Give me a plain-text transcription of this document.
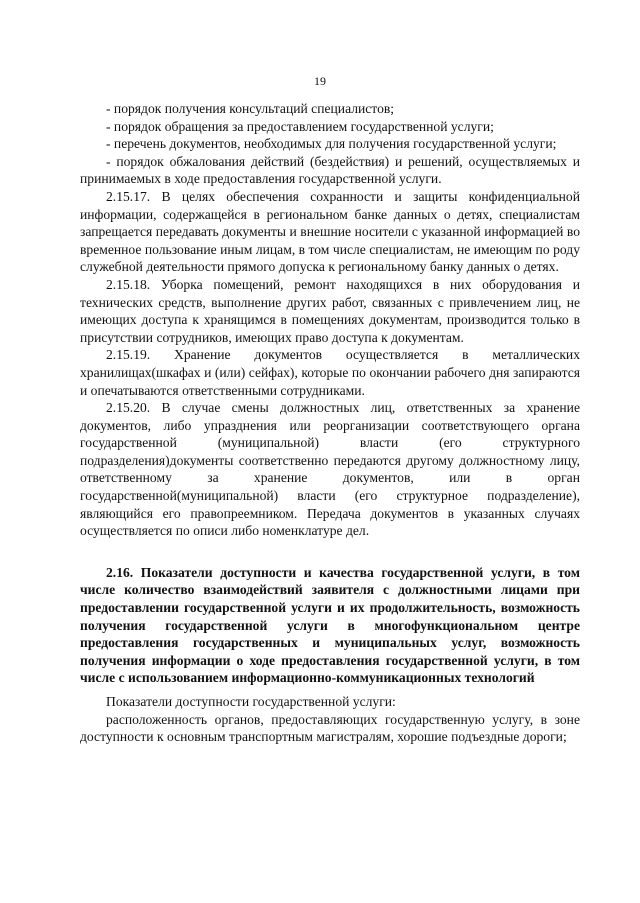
19

- порядок получения консультаций специалистов;

- порядок обращения за предоставлением государственной услуги;

- перечень документов, необходимых для получения государственной услуги;

- порядок обжалования действий (бездействия) и решений, осуществляемых и принимаемых в ходе предоставления государственной услуги.

2.15.17. В целях обеспечения сохранности и защиты конфиденциальной информации, содержащейся в региональном банке данных о детях, специалистам запрещается передавать документы и внешние носители с указанной информацией во временное пользование иным лицам, в том числе специалистам, не имеющим по роду служебной деятельности прямого допуска к региональному банку данных о детях.

2.15.18. Уборка помещений, ремонт находящихся в них оборудования и технических средств, выполнение других работ, связанных с привлечением лиц, не имеющих доступа к хранящимся в помещениях документам, производится только в присутствии сотрудников, имеющих право доступа к документам.

2.15.19. Хранение документов осуществляется в металлических хранилищах(шкафах и (или) сейфах), которые по окончании рабочего дня запираются и опечатываются ответственными сотрудниками.

2.15.20. В случае смены должностных лиц, ответственных за хранение документов, либо упразднения или реорганизации соответствующего органа государственной (муниципальной) власти (его структурного подразделения)документы соответственно передаются другому должностному лицу, ответственному за хранение документов, или в орган государственной(муниципальной) власти (его структурное подразделение), являющийся его правопреемником. Передача документов в указанных случаях осуществляется по описи либо номенклатуре дел.

2.16. Показатели доступности и качества государственной услуги, в том числе количество взаимодействий заявителя с должностными лицами при предоставлении государственной услуги и их продолжительность, возможность получения государственной услуги в многофункциональном центре предоставления государственных и муниципальных услуг, возможность получения информации о ходе предоставления государственной услуги, в том числе с использованием информационно-коммуникационных технологий

Показатели доступности государственной услуги:

расположенность органов, предоставляющих государственную услугу, в зоне доступности к основным транспортным магистралям, хорошие подъездные дороги;
